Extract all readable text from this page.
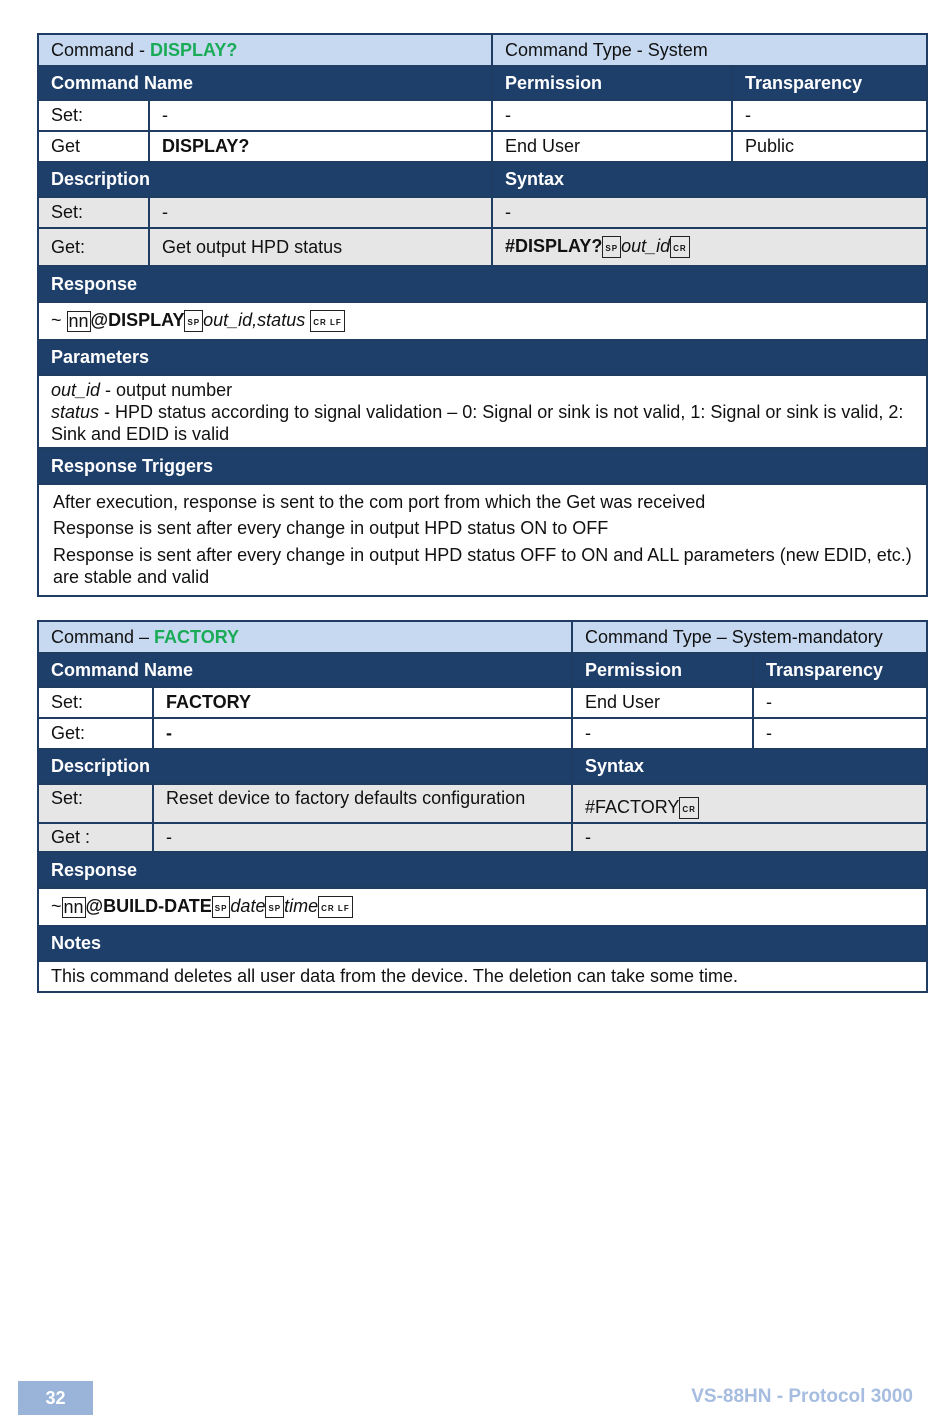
Command - DISPLAY?		Command Type - System	
Command Name		Permission	Transparency
Set:	-	-	-
Get	DISPLAY?	End User	Public
Description		Syntax	
Set:	-	-	
Get:	Get output HPD status	#DISPLAY? SP out_id CR	
Response			
~ nn @DISPLAY SP out_id,status CR LF			
Parameters			

out_id - output number

status - HPD status according to signal validation – 0: Signal or sink is not valid, 1: Signal or sink is valid, 2: Sink and EDID is valid			

Response Triggers			

After execution, response is sent to the com port from which the Get was received

Response is sent after every change in output HPD status ON to OFF

Response is sent after every change in output HPD status OFF to ON and ALL parameters (new EDID, etc.) are stable and valid			

Command – FACTORY		Command Type – System-mandatory	
Command Name		Permission	Transparency
Set:	FACTORY	End User	-
Get:	-	-	-
Description		Syntax	
Set:	Reset device to factory defaults configuration	#FACTORY CR	
Get :	-	-	
Response			
~ nn @BUILD-DATE SP date SP time CR LF			
Notes			
This command deletes all user data from the device. The deletion can take some time.			
32	VS-88HN - Protocol 3000
